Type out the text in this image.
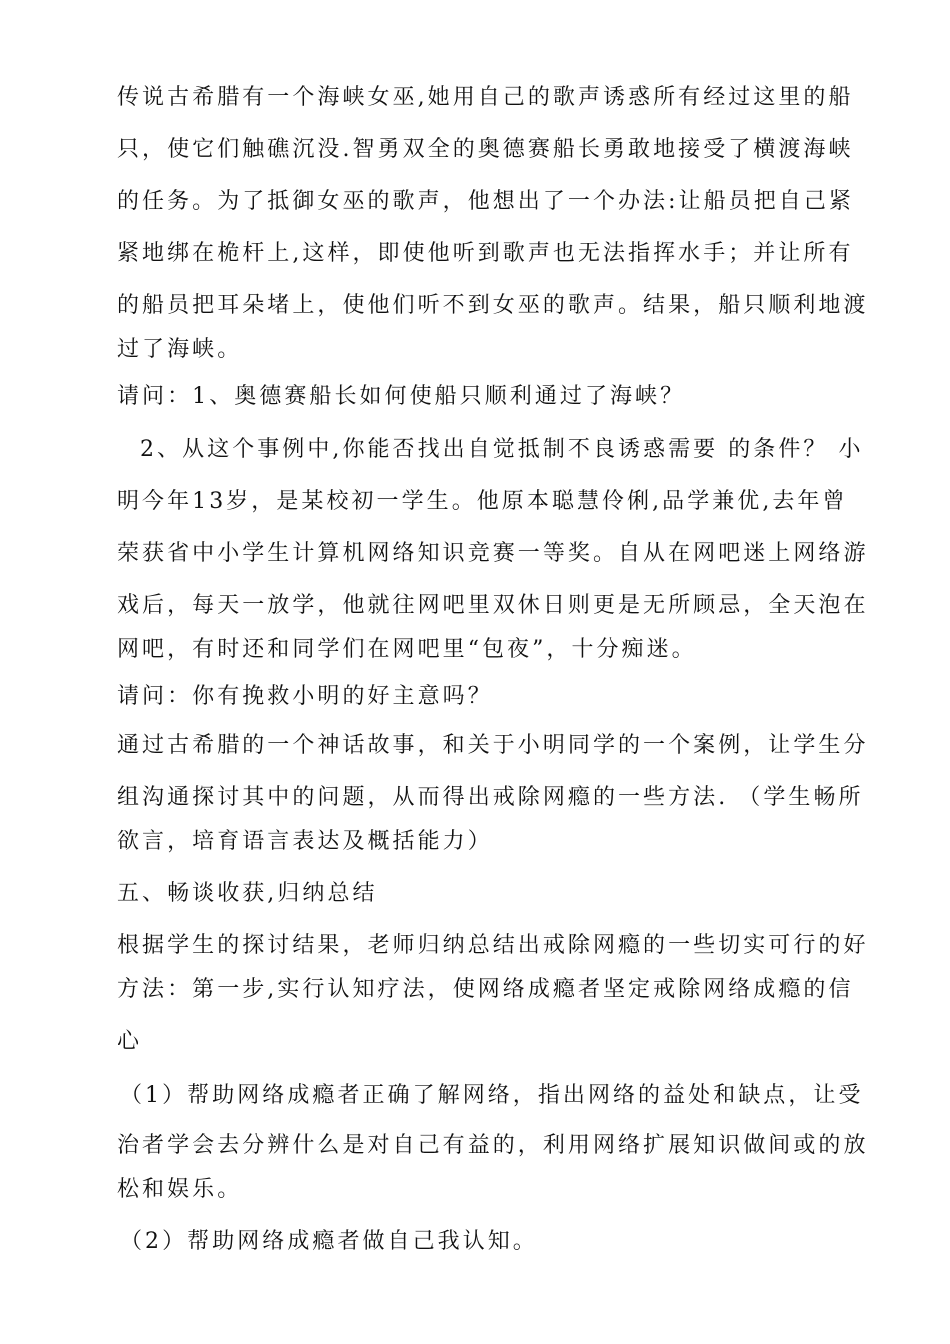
传说古希腊有一个海峡女巫,她用自己的歌声诱惑所有经过这里的船
只，使它们触礁沉没.智勇双全的奥德赛船长勇敢地接受了横渡海峡
的任务。为了抵御女巫的歌声，他想出了一个办法:让船员把自己紧
紧地绑在桅杆上,这样，即使他听到歌声也无法指挥水手；并让所有
的船员把耳朵堵上，使他们听不到女巫的歌声。结果，船只顺利地渡
过了海峡。
请问：1、奥德赛船长如何使船只顺利通过了海峡？
2、从这个事例中,你能否找出自觉抵制不良诱惑需要 的条件？ 小
明今年13岁，是某校初一学生。他原本聪慧伶俐,品学兼优,去年曾
荣获省中小学生计算机网络知识竞赛一等奖。自从在网吧迷上网络游
戏后，每天一放学，他就往网吧里双休日则更是无所顾忌，全天泡在
网吧，有时还和同学们在网吧里“包夜”，十分痴迷。
请问：你有挽救小明的好主意吗？
通过古希腊的一个神话故事，和关于小明同学的一个案例，让学生分
组沟通探讨其中的问题，从而得出戒除网瘾的一些方法. （学生畅所
欲言，培育语言表达及概括能力）
五、畅谈收获,归纳总结
根据学生的探讨结果，老师归纳总结出戒除网瘾的一些切实可行的好
方法：第一步,实行认知疗法，使网络成瘾者坚定戒除网络成瘾的信
心
（1）帮助网络成瘾者正确了解网络，指出网络的益处和缺点，让受
治者学会去分辨什么是对自己有益的，利用网络扩展知识做间或的放
松和娱乐。
（2）帮助网络成瘾者做自己我认知。
